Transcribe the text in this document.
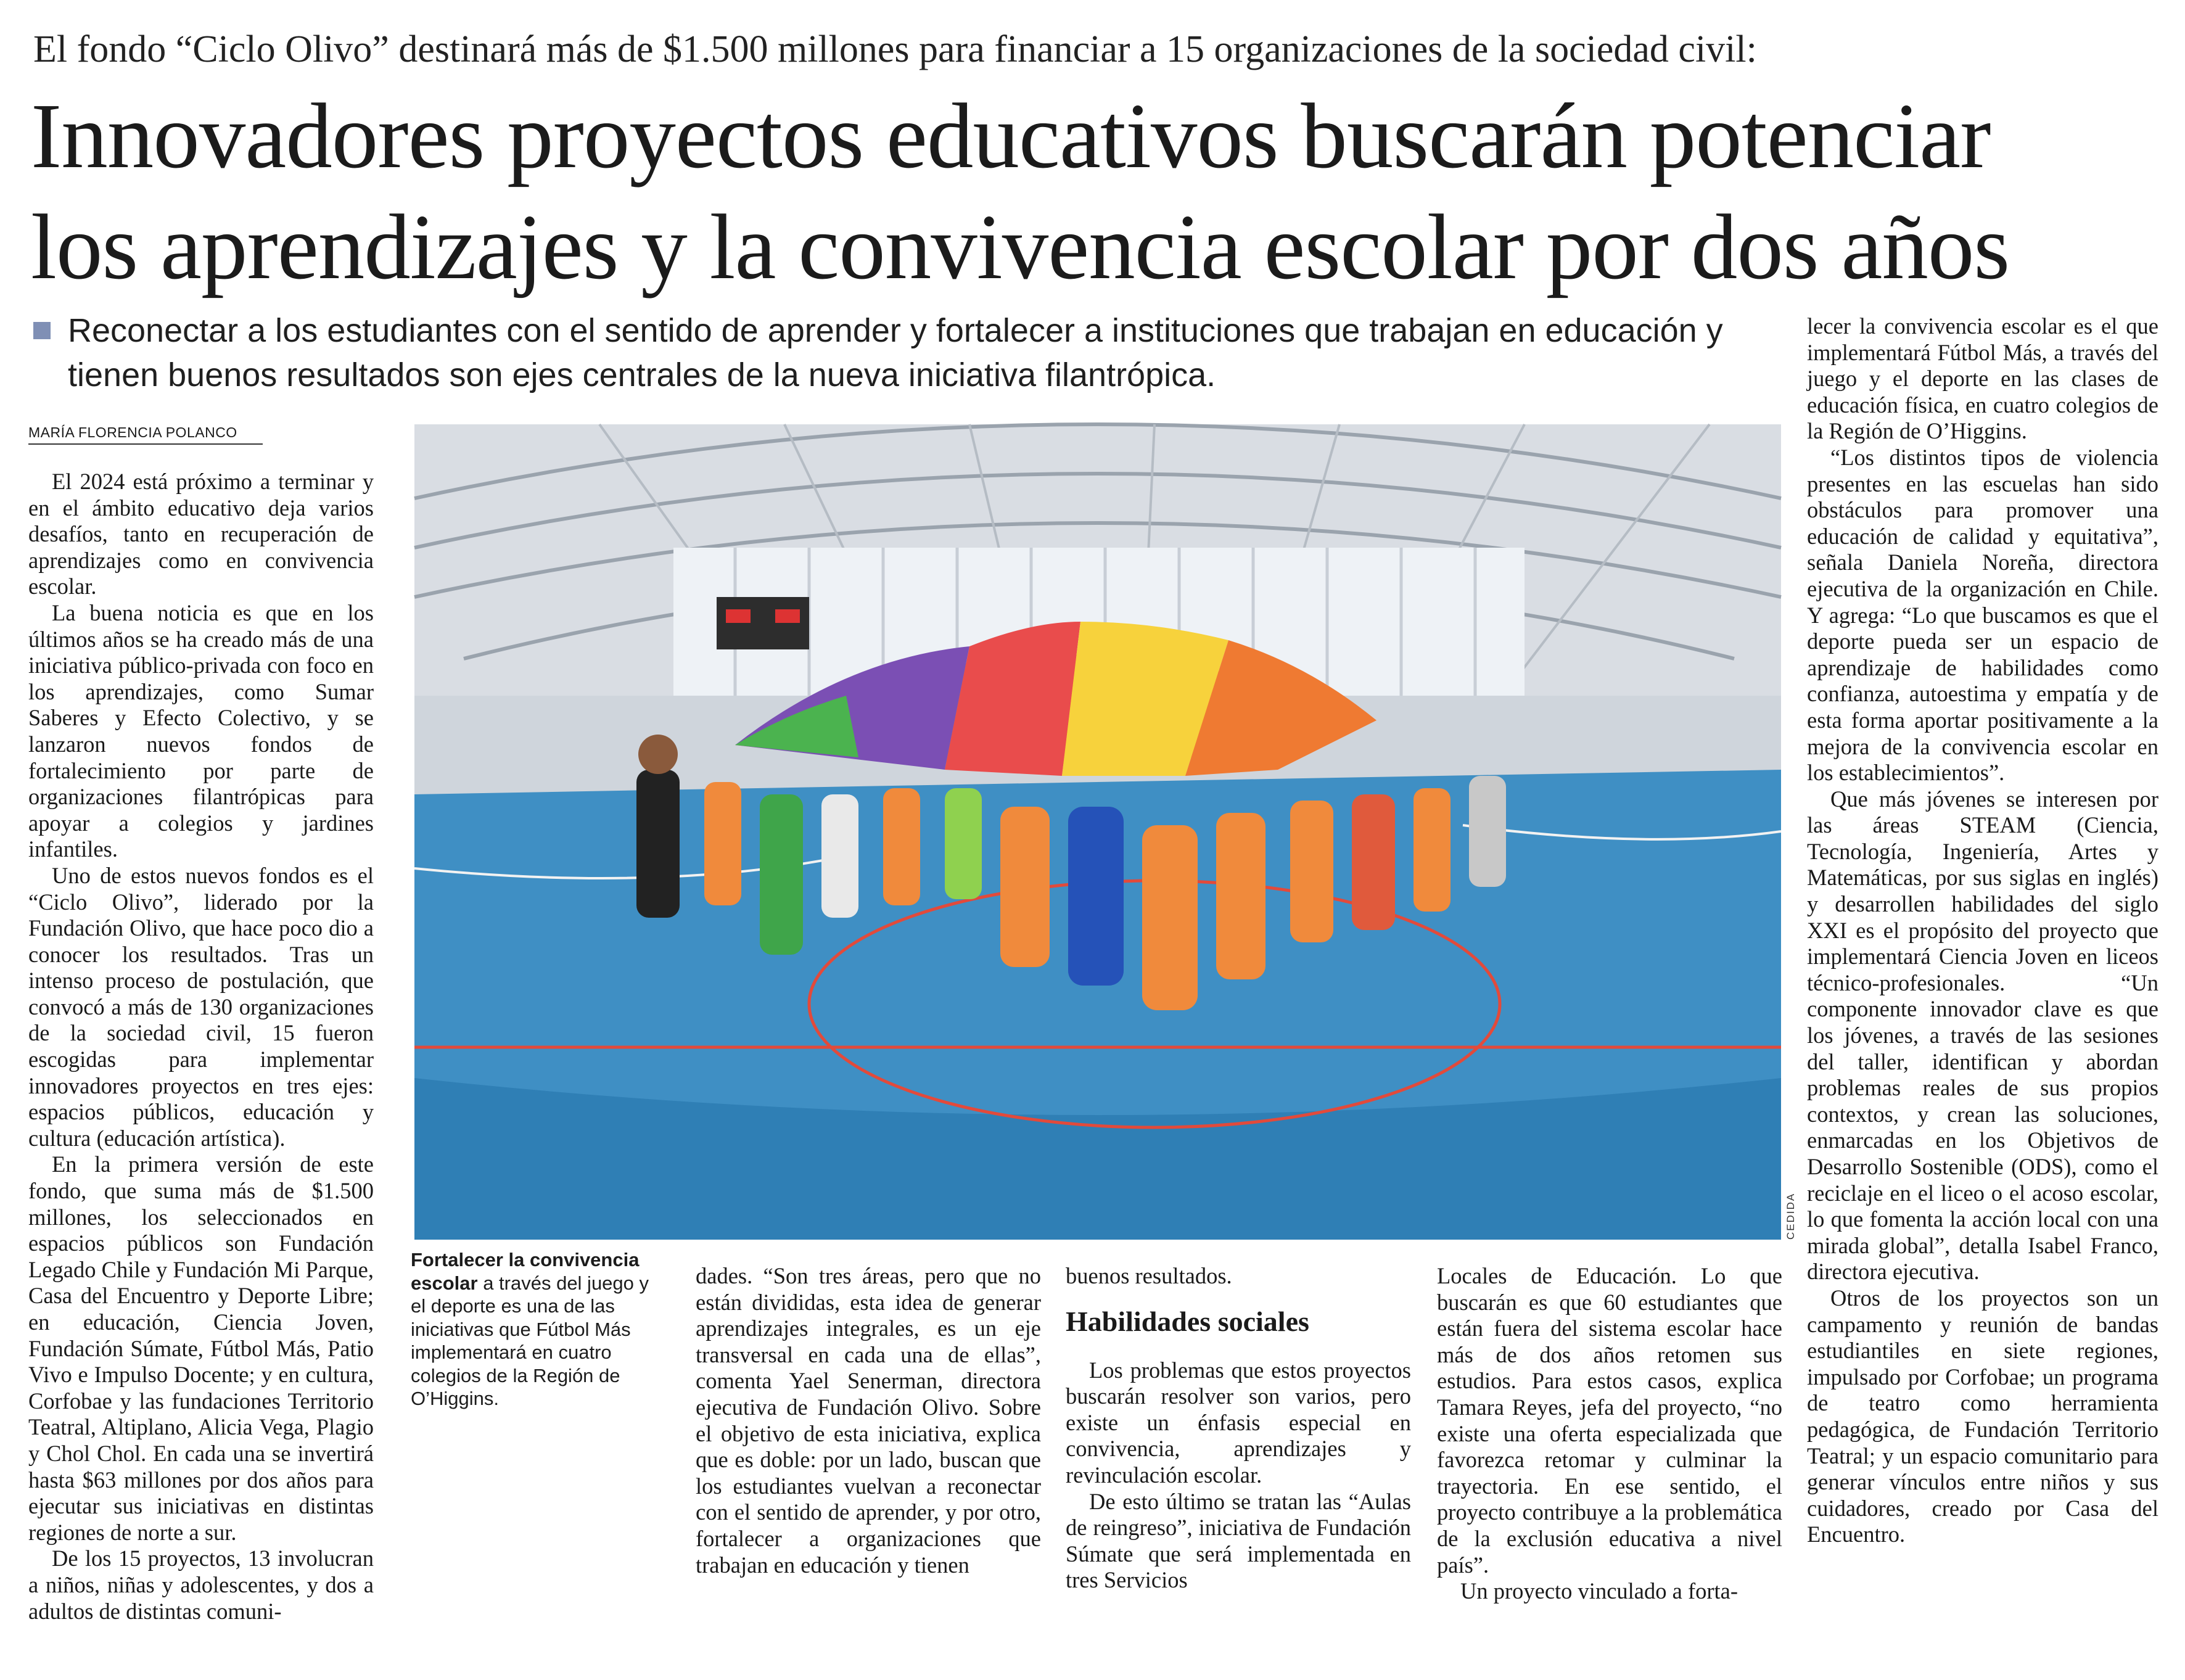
El fondo “Ciclo Olivo” destinará más de $1.500 millones para financiar a 15 organizaciones de la sociedad civil:
Innovadores proyectos educativos buscarán potenciar
los aprendizajes y la convivencia escolar por dos años
Reconectar a los estudiantes con el sentido de aprender y fortalecer a instituciones que trabajan en educación y tienen buenos resultados son ejes centrales de la nueva iniciativa filantrópica.
MARÍA FLORENCIA POLANCO

El 2024 está próximo a terminar y en el ámbito educativo deja varios desafíos, tanto en recuperación de aprendizajes como en convivencia escolar.

La buena noticia es que en los últimos años se ha creado más de una iniciativa público-privada con foco en los aprendizajes, como Sumar Saberes y Efecto Colectivo, y se lanzaron nuevos fondos de fortalecimiento por parte de organizaciones filantrópicas para apoyar a colegios y jardines infantiles.

Uno de estos nuevos fondos es el “Ciclo Olivo”, liderado por la Fundación Olivo, que hace poco dio a conocer los resultados. Tras un intenso proceso de postulación, que convocó a más de 130 organizaciones de la sociedad civil, 15 fueron escogidas para implementar innovadores proyectos en tres ejes: espacios públicos, educación y cultura (educación artística).

En la primera versión de este fondo, que suma más de $1.500 millones, los seleccionados en espacios públicos son Fundación Legado Chile y Fundación Mi Parque, Casa del Encuentro y Deporte Libre; en educación, Ciencia Joven, Fundación Súmate, Fútbol Más, Patio Vivo e Impulso Docente; y en cultura, Corfobae y las fundaciones Territorio Teatral, Altiplano, Alicia Vega, Plagio y Chol Chol. En cada una se invertirá hasta $63 millones por dos años para ejecutar sus iniciativas en distintas regiones de norte a sur.

De los 15 proyectos, 13 involucran a niños, niñas y adolescentes, y dos a adultos de distintas comuni-

CEDIDA
Fortalecer la convivencia escolar a través del juego y el deporte es una de las iniciativas que Fútbol Más implementará en cuatro colegios de la Región de O’Higgins.

dades. “Son tres áreas, pero que no están divididas, esta idea de generar aprendizajes integrales, es un eje transversal en cada una de ellas”, comenta Yael Senerman, directora ejecutiva de Fundación Olivo. Sobre el objetivo de esta iniciativa, explica que es doble: por un lado, buscan que los estudiantes vuelvan a reconectar con el sentido de aprender, y por otro, fortalecer a organizaciones que trabajan en educación y tienen

buenos resultados.

Habilidades sociales

Los problemas que estos proyectos buscarán resolver son varios, pero existe un énfasis especial en convivencia, aprendizajes y revinculación escolar.

De esto último se tratan las “Aulas de reingreso”, iniciativa de Fundación Súmate que será implementada en tres Servicios

Locales de Educación. Lo que buscarán es que 60 estudiantes que están fuera del sistema escolar hace más de dos años retomen sus estudios. Para estos casos, explica Tamara Reyes, jefa del proyecto, “no existe una oferta especializada que favorezca retomar y culminar la trayectoria. En ese sentido, el proyecto contribuye a la problemática de la exclusión educativa a nivel país”.

Un proyecto vinculado a forta-

lecer la convivencia escolar es el que implementará Fútbol Más, a través del juego y el deporte en las clases de educación física, en cuatro colegios de la Región de O’Higgins.

“Los distintos tipos de violencia presentes en las escuelas han sido obstáculos para promover una educación de calidad y equitativa”, señala Daniela Noreña, directora ejecutiva de la organización en Chile. Y agrega: “Lo que buscamos es que el deporte pueda ser un espacio de aprendizaje de habilidades como confianza, autoestima y empatía y de esta forma aportar positivamente a la mejora de la convivencia escolar en los establecimientos”.

Que más jóvenes se interesen por las áreas STEAM (Ciencia, Tecnología, Ingeniería, Artes y Matemáticas, por sus siglas en inglés) y desarrollen habilidades del siglo XXI es el propósito del proyecto que implementará Ciencia Joven en liceos técnico-profesionales. “Un componente innovador clave es que los jóvenes, a través de las sesiones del taller, identifican y abordan problemas reales de sus propios contextos, y crean las soluciones, enmarcadas en los Objetivos de Desarrollo Sostenible (ODS), como el reciclaje en el liceo o el acoso escolar, lo que fomenta la acción local con una mirada global”, detalla Isabel Franco, directora ejecutiva.

Otros de los proyectos son un campamento y reunión de bandas estudiantiles en siete regiones, impulsado por Corfobae; un programa de teatro como herramienta pedagógica, de Fundación Territorio Teatral; y un espacio comunitario para generar vínculos entre niños y sus cuidadores, creado por Casa del Encuentro.
